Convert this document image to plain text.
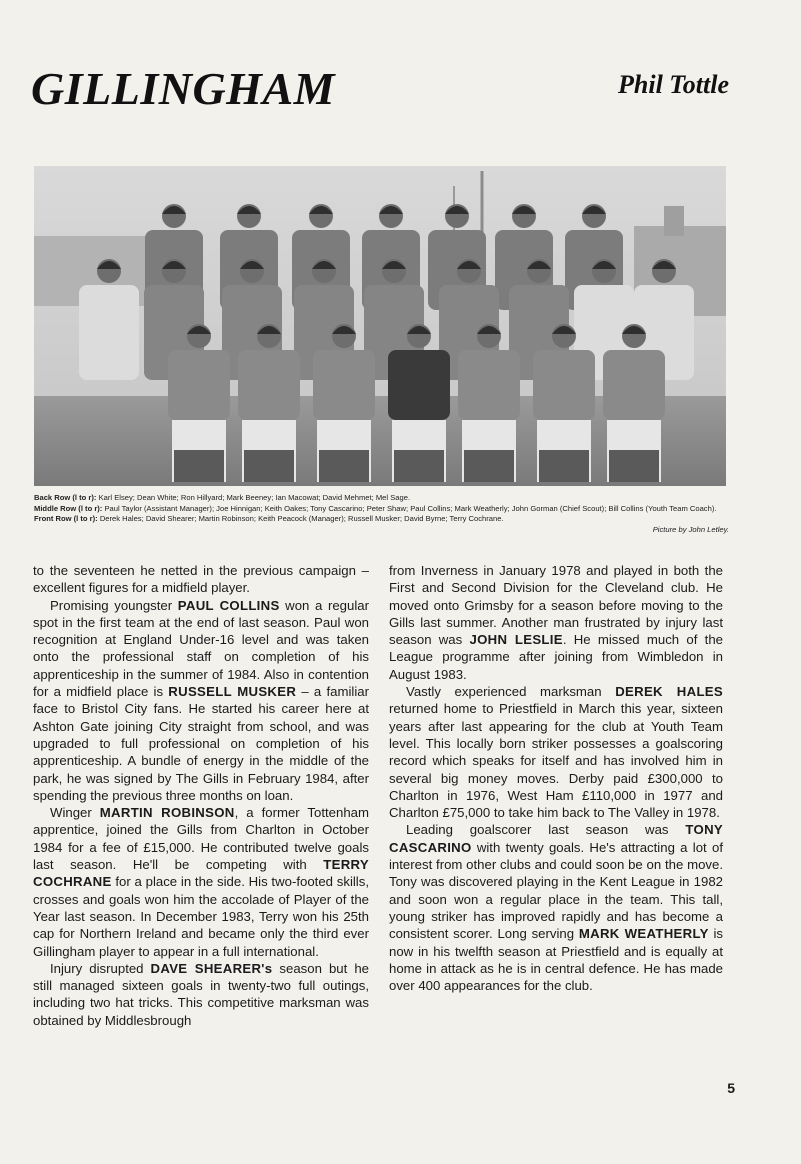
GILLINGHAM	Phil Tottle
Back Row (l to r): Karl Elsey; Dean White; Ron Hillyard; Mark Beeney; Ian Macowat; David Mehmet; Mel Sage.
Middle Row (l to r): Paul Taylor (Assistant Manager); Joe Hinnigan; Keith Oakes; Tony Cascarino; Peter Shaw; Paul Collins; Mark Weatherly; John Gorman (Chief Scout); Bill Collins (Youth Team Coach).
Front Row (l to r): Derek Hales; David Shearer; Martin Robinson; Keith Peacock (Manager); Russell Musker; David Byrne; Terry Cochrane.
Picture by John Letley.

to the seventeen he netted in the previous campaign – excellent figures for a midfield player.

Promising youngster PAUL COLLINS won a regular spot in the first team at the end of last season. Paul won recognition at England Under-16 level and was taken onto the professional staff on completion of his apprenticeship in the summer of 1984. Also in contention for a midfield place is RUSSELL MUSKER – a familiar face to Bristol City fans. He started his career here at Ashton Gate joining City straight from school, and was upgraded to full professional on completion of his apprenticeship. A bundle of energy in the middle of the park, he was signed by The Gills in February 1984, after spending the previous three months on loan.

Winger MARTIN ROBINSON, a former Tottenham apprentice, joined the Gills from Charlton in October 1984 for a fee of £15,000. He contributed twelve goals last season. He'll be competing with TERRY COCHRANE for a place in the side. His two-footed skills, crosses and goals won him the accolade of Player of the Year last season. In December 1983, Terry won his 25th cap for Northern Ireland and became only the third ever Gillingham player to appear in a full international.

Injury disrupted DAVE SHEARER's season but he still managed sixteen goals in twenty-two full outings, including two hat tricks. This competitive marksman was obtained by Middlesbrough

from Inverness in January 1978 and played in both the First and Second Division for the Cleveland club. He moved onto Grimsby for a season before moving to the Gills last summer. Another man frustrated by injury last season was JOHN LESLIE. He missed much of the League programme after joining from Wimbledon in August 1983.

Vastly experienced marksman DEREK HALES returned home to Priestfield in March this year, sixteen years after last appearing for the club at Youth Team level. This locally born striker possesses a goalscoring record which speaks for itself and has involved him in several big money moves. Derby paid £300,000 to Charlton in 1976, West Ham £110,000 in 1977 and Charlton £75,000 to take him back to The Valley in 1978.

Leading goalscorer last season was TONY CASCARINO with twenty goals. He's attracting a lot of interest from other clubs and could soon be on the move. Tony was discovered playing in the Kent League in 1982 and soon won a regular place in the team. This tall, young striker has improved rapidly and has become a consistent scorer. Long serving MARK WEATHERLY is now in his twelfth season at Priestfield and is equally at home in attack as he is in central defence. He has made over 400 appearances for the club.

5
